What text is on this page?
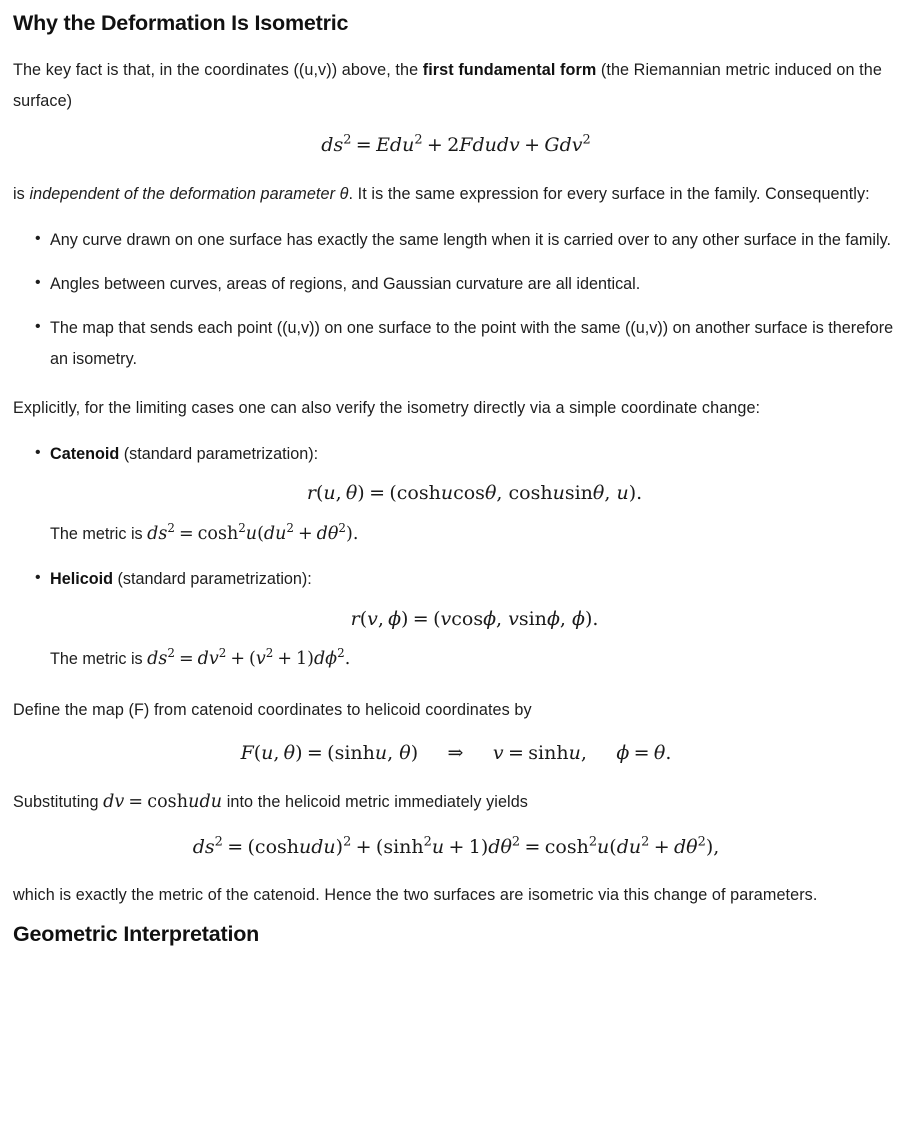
Why the Deformation Is Isometric

The key fact is that, in the coordinates ((u,v)) above, the first fundamental form (the Riemannian metric induced on the surface)

$ds^2 = Edu^2$ + 2Fdudv + Gdv$^2$

is independent of the deformation parameter θ. It is the same expression for every surface in the family. Consequently:

• Any curve drawn on one surface has exactly the same length when it is carried over to any other surface in the family.
• Angles between curves, areas of regions, and Gaussian curvature are all identical.
• The map that sends each point ((u,v)) on one surface to the point with the same ((u,v)) on another surface is therefore an isometry.

Explicitly, for the limiting cases one can also verify the isometry directly via a simple coordinate change:

• Catenoid (standard parametrization):
r(u, θ) = (coshucosθ, coshusinθ, u).
The metric is $ds^2 = \cosh^2u(du^2 + d\theta^2)$.
• Helicoid (standard parametrization):
r(v, ϕ) = (vcosϕ, vsinϕ, ϕ).
The metric is $ds^2 = dv^2 + (v^2 + 1)d\phi^2$.

Define the map (F) from catenoid coordinates to helicoid coordinates by

F(u, θ) = (sinhu, θ) ⇒ v = sinhu, ϕ = θ.

Substituting dv = coshudu into the helicoid metric immediately yields

$ds^2$ = (coshudu)$^2$ + $(\sinh^2u + 1)d\theta^2 = \cosh^2u(du^2 + d\theta^2)$,

which is exactly the metric of the catenoid. Hence the two surfaces are isometric via this change of parameters.

Geometric Interpretation
